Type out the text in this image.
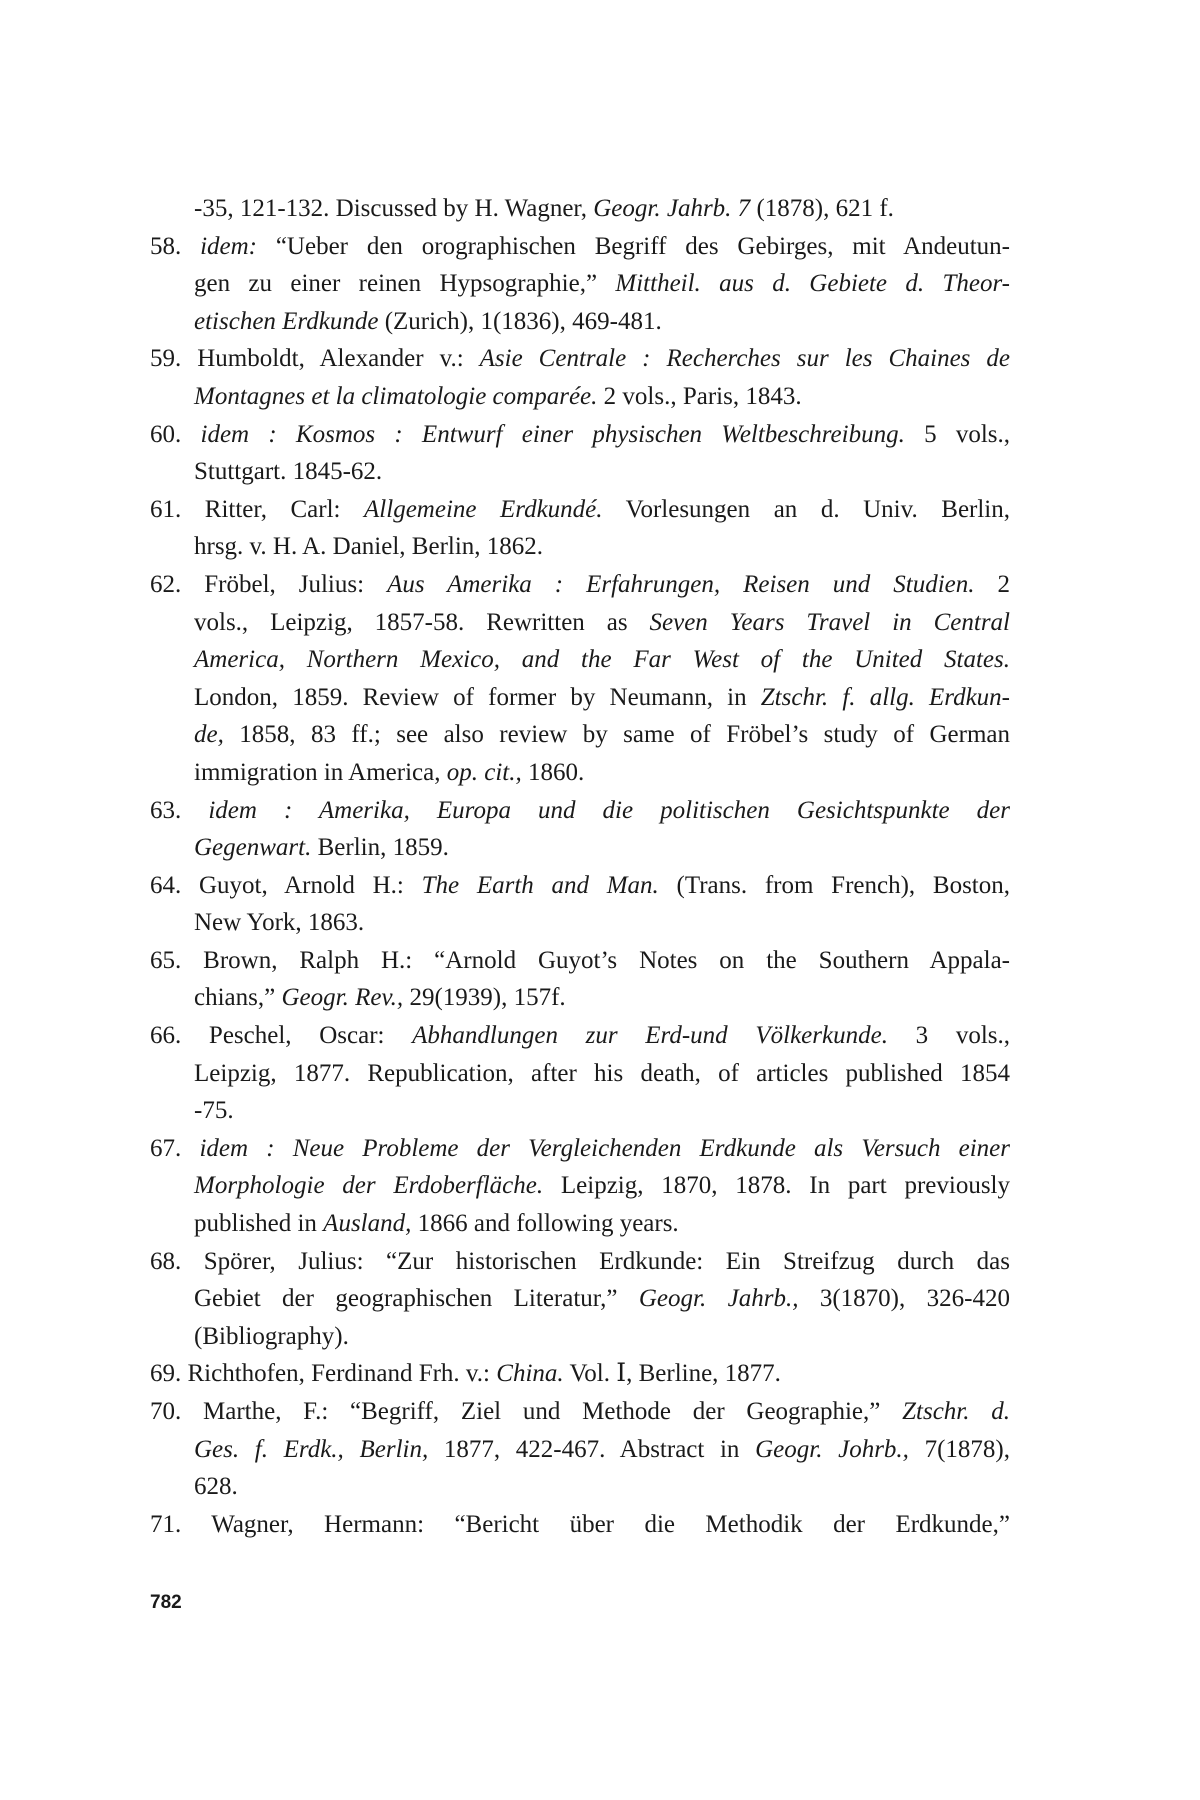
-35, 121-132. Discussed by H. Wagner, Geogr. Jahrb. 7 (1878), 621 f.
58. idem: “Ueber den orographischen Begriff des Gebirges, mit Andeutun-
gen zu einer reinen Hypsographie,” Mittheil. aus d. Gebiete d. Theor-
etischen Erdkunde (Zurich), 1(1836), 469-481.
59. Humboldt, Alexander v.: Asie Centrale : Recherches sur les Chaines de
Montagnes et la climatologie comparée. 2 vols., Paris, 1843.
60. idem : Kosmos : Entwurf einer physischen Weltbeschreibung. 5 vols.,
Stuttgart. 1845-62.
61. Ritter, Carl: Allgemeine Erdkundé. Vorlesungen an d. Univ. Berlin,
hrsg. v. H. A. Daniel, Berlin, 1862.
62. Fröbel, Julius: Aus Amerika : Erfahrungen, Reisen und Studien. 2
vols., Leipzig, 1857-58. Rewritten as Seven Years Travel in Central
America, Northern Mexico, and the Far West of the United States.
London, 1859. Review of former by Neumann, in Ztschr. f. allg. Erdkun-
de, 1858, 83 ff.; see also review by same of Fröbel’s study of German
immigration in America, op. cit., 1860.
63. idem : Amerika, Europa und die politischen Gesichtspunkte der
Gegenwart. Berlin, 1859.
64. Guyot, Arnold H.: The Earth and Man. (Trans. from French), Boston,
New York, 1863.
65. Brown, Ralph H.: “Arnold Guyot’s Notes on the Southern Appala-
chians,” Geogr. Rev., 29(1939), 157f.
66. Peschel, Oscar: Abhandlungen zur Erd-und Völkerkunde. 3 vols.,
Leipzig, 1877. Republication, after his death, of articles published 1854
-75.
67. idem : Neue Probleme der Vergleichenden Erdkunde als Versuch einer
Morphologie der Erdoberfläche. Leipzig, 1870, 1878. In part previously
published in Ausland, 1866 and following years.
68. Spörer, Julius: “Zur historischen Erdkunde: Ein Streifzug durch das
Gebiet der geographischen Literatur,” Geogr. Jahrb., 3(1870), 326-420
(Bibliography).
69. Richthofen, Ferdinand Frh. v.: China. Vol. Ⅰ, Berline, 1877.
70. Marthe, F.: “Begriff, Ziel und Methode der Geographie,” Ztschr. d.
Ges. f. Erdk., Berlin, 1877, 422-467. Abstract in Geogr. Johrb., 7(1878),
628.
71. Wagner, Hermann: “Bericht über die Methodik der Erdkunde,”
782
